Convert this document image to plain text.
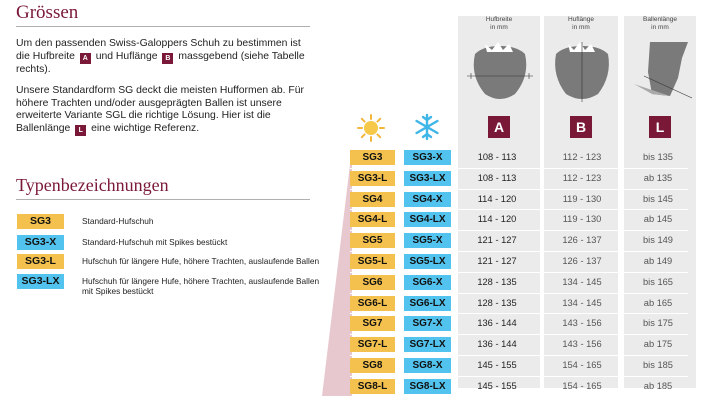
Grössen

Um den passenden Swiss-Galoppers Schuh zu bestimmen ist die Hufbreite A und Huflänge B massgebend (siehe Tabelle rechts).

Unsere Standardform SG deckt die meisten Hufformen ab. Für höhere Trachten und/oder ausgeprägten Ballen ist unsere erweiterte Variante SGL die richtige Lösung. Hier ist die Ballenlänge L eine wichtige Referenz.

Typenbezeichnungen
SG3	Standard-Hufschuh
SG3-X	Standard-Hufschuh mit Spikes bestückt
SG3-L	Hufschuh für längere Hufe, höhere Trachten, auslaufende Ballen
SG3-LX	Hufschuh für längere Hufe, höhere Trachten, auslaufende Ballen mit Spikes bestückt
Hufbreite
in mm
Huflänge
in mm
Ballenlänge
in mm
A	B	L
SG3	SG3-X	108 - 113	112 - 123	bis 135
SG3-L	SG3-LX	108 - 113	112 - 123	ab 135
SG4	SG4-X	114 - 120	119 - 130	bis 145
SG4-L	SG4-LX	114 - 120	119 - 130	ab 145
SG5	SG5-X	121 - 127	126 - 137	bis 149
SG5-L	SG5-LX	121 - 127	126 - 137	ab 149
SG6	SG6-X	128 - 135	134 - 145	bis 165
SG6-L	SG6-LX	128 - 135	134 - 145	ab 165
SG7	SG7-X	136 - 144	143 - 156	bis 175
SG7-L	SG7-LX	136 - 144	143 - 156	ab 175
SG8	SG8-X	145 - 155	154 - 165	bis 185
SG8-L	SG8-LX	145 - 155	154 - 165	ab 185
